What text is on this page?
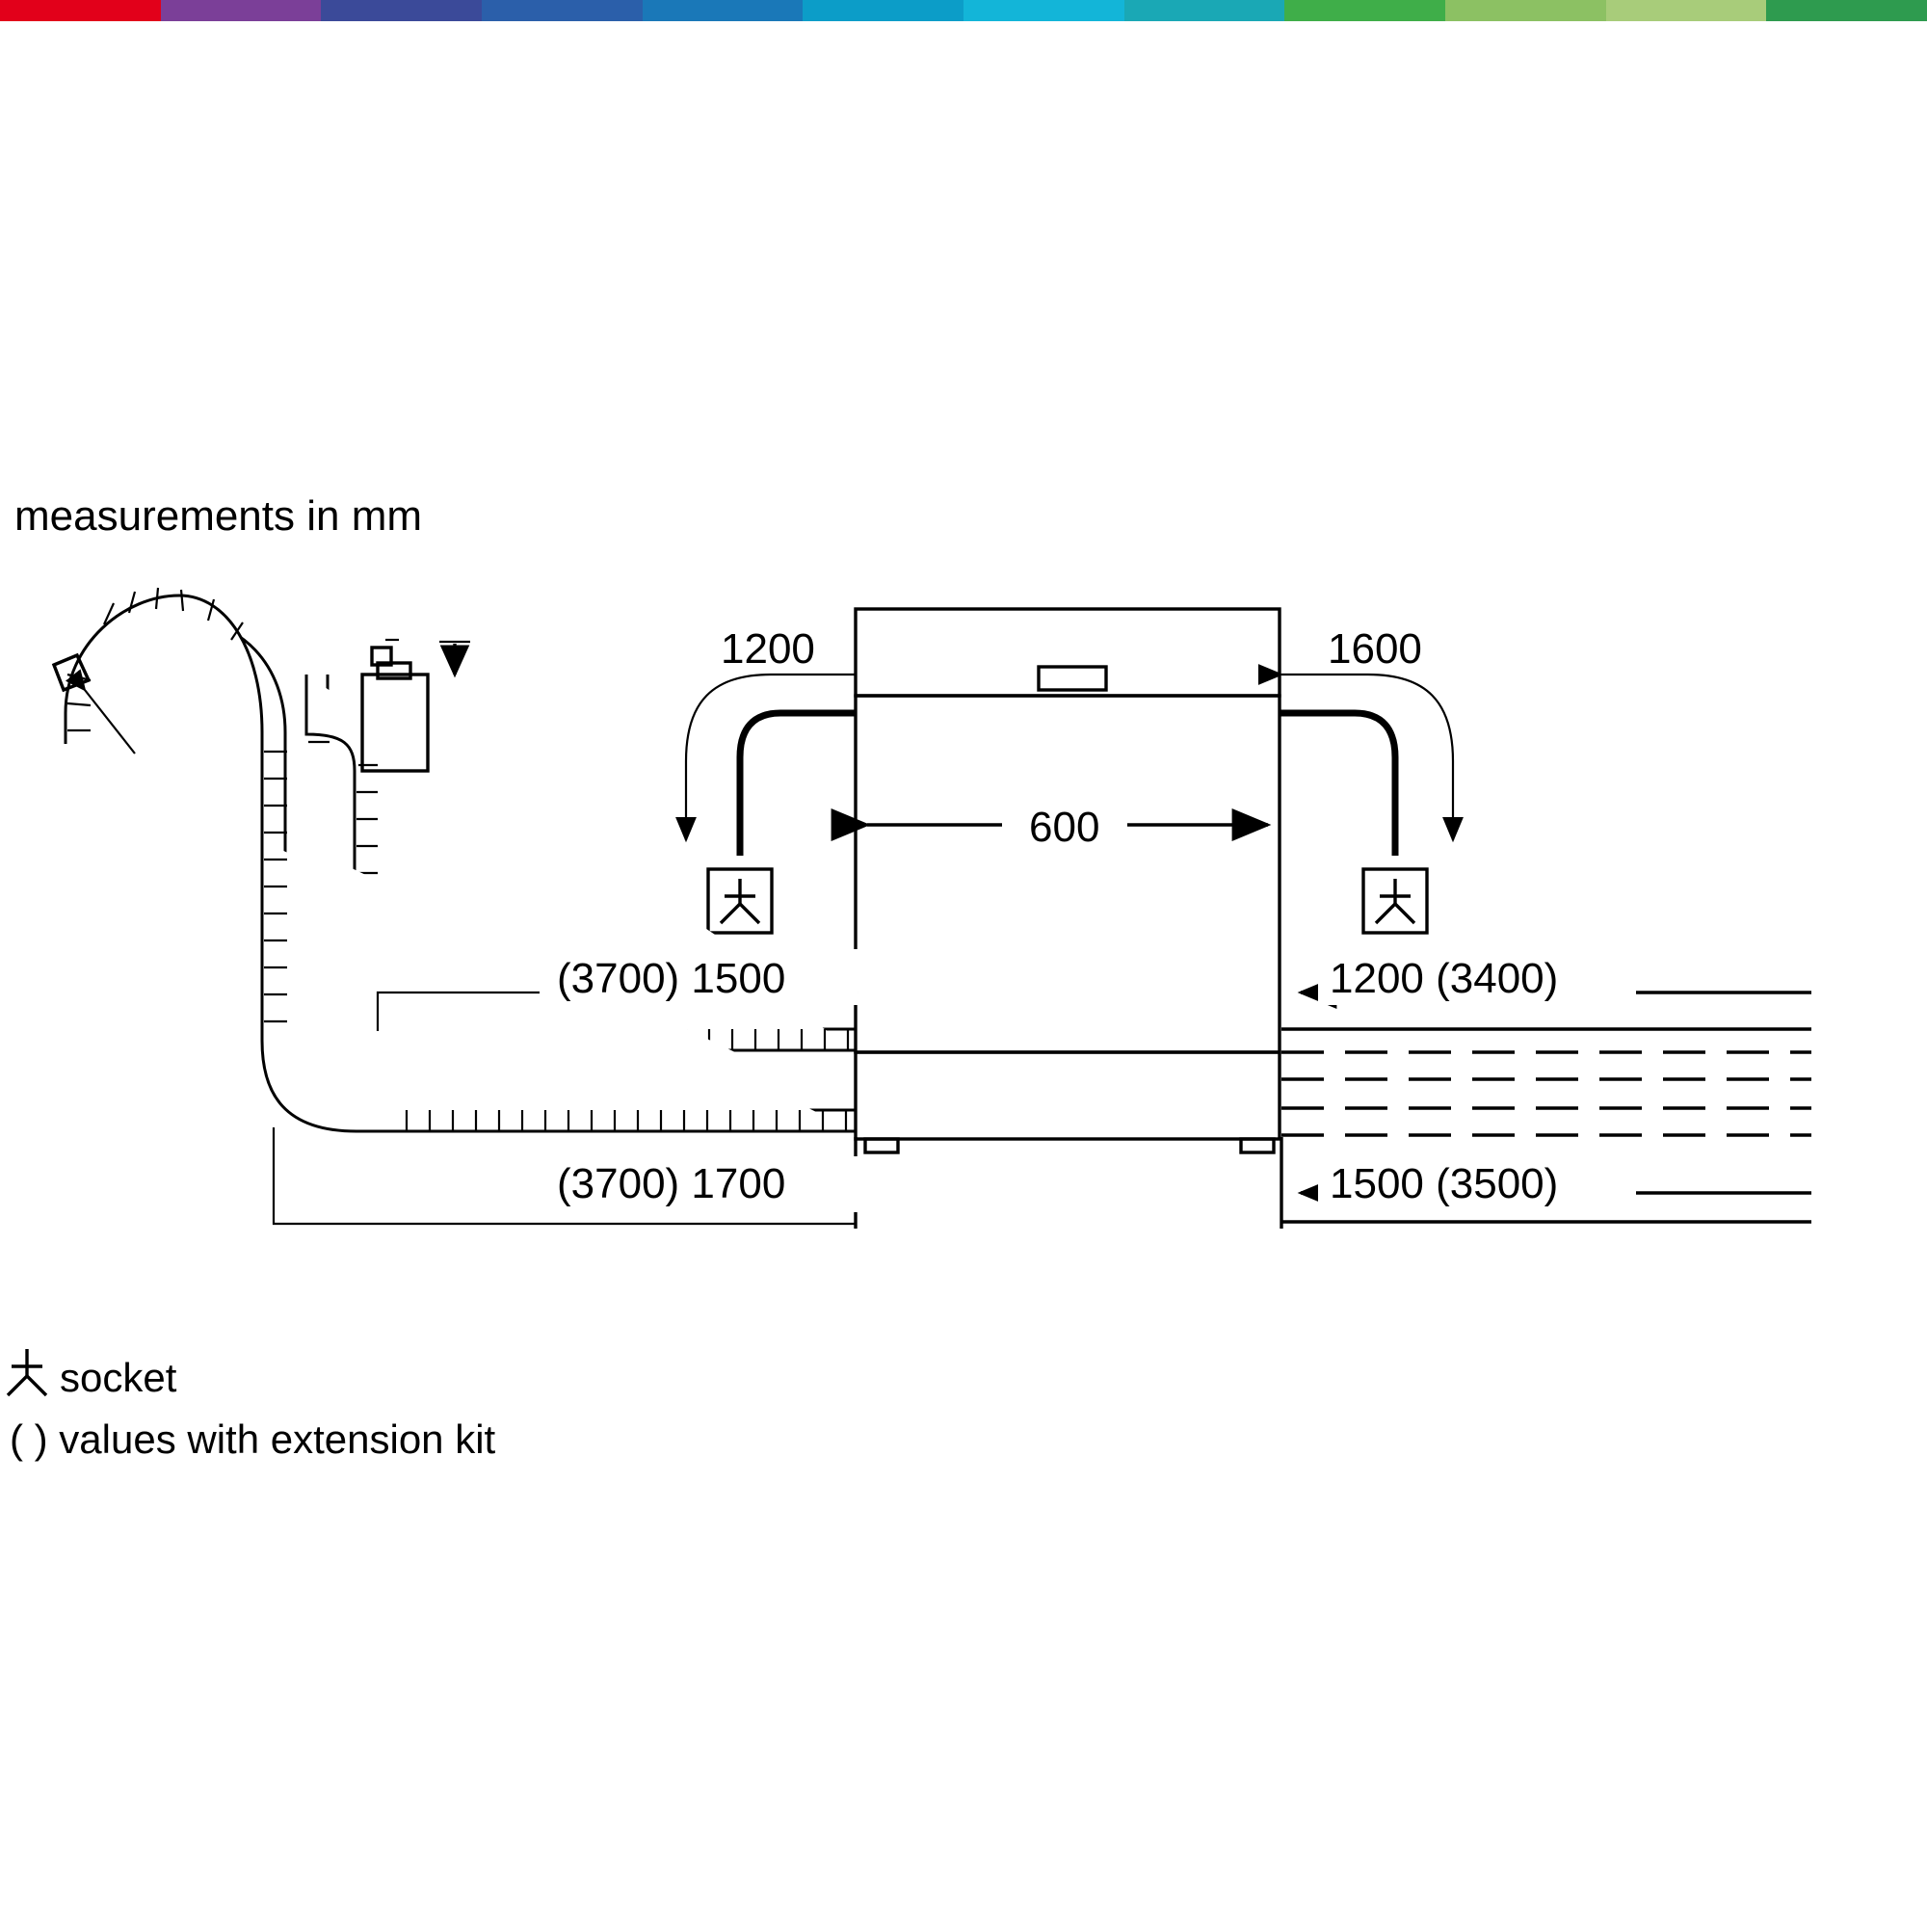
measurements in mm
600
1200	1600
(3700) 1500
(3700) 1700
1200 (3400)
1500 (3500)
socket
( ) values with extension kit
